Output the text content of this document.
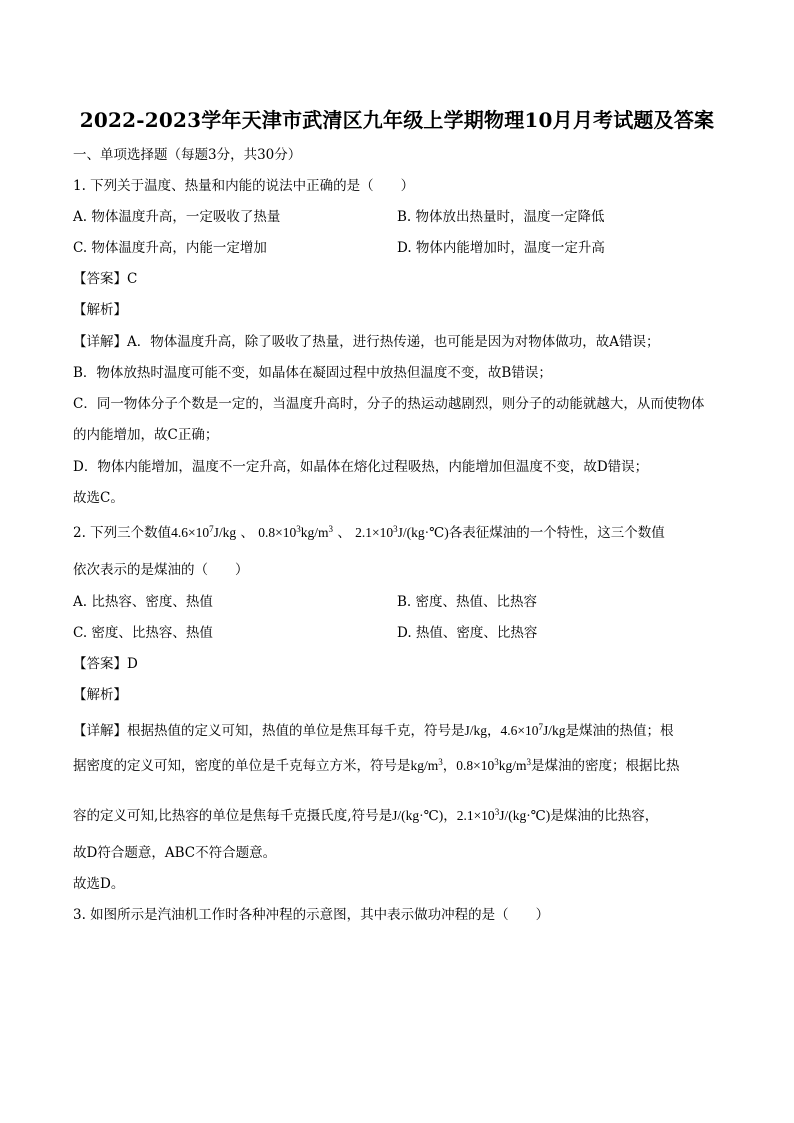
2022-2023学年天津市武清区九年级上学期物理10月月考试题及答案
一、单项选择题（每题3分，共30分）
1. 下列关于温度、热量和内能的说法中正确的是（　　）
A. 物体温度升高，一定吸收了热量	B. 物体放出热量时，温度一定降低
C. 物体温度升高，内能一定增加	D. 物体内能增加时，温度一定升高
【答案】C
【解析】
【详解】A．物体温度升高，除了吸收了热量，进行热传递，也可能是因为对物体做功，故A错误；
B．物体放热时温度可能不变，如晶体在凝固过程中放热但温度不变，故B错误；
C．同一物体分子个数是一定的，当温度升高时，分子的热运动越剧烈，则分子的动能就越大，从而使物体
的内能增加，故C正确；
D．物体内能增加，温度不一定升高，如晶体在熔化过程吸热，内能增加但温度不变，故D错误；
故选C。
2. 下列三个数值$4.6\times 10^7J/kg$ 、 $0.8\times 10^3kg/m^3$ 、 $2.1\times 10^3J/(kg\cdot℃)$各表征煤油的一个特性，这三个数值
依次表示的是煤油的（　　）
A. 比热容、密度、热值	B. 密度、热值、比热容
C. 密度、比热容、热值	D. 热值、密度、比热容
【答案】D
【解析】
【详解】根据热值的定义可知，热值的单位是焦耳每千克，符号是J/kg，$4.6\times 10^7J/kg$是煤油的热值；根
据密度的定义可知，密度的单位是千克每立方米，符号是$kg/m^3$，$0.8\times 10^3kg/m^3$是煤油的密度；根据比热
容的定义可知,比热容的单位是焦每千克摄氏度,符号是J/(kg·℃)，$2.1\times 10^3J/(kg\cdot℃)$是煤油的比热容，
故D符合题意，ABC不符合题意。
故选D。
3. 如图所示是汽油机工作时各种冲程的示意图，其中表示做功冲程的是（　　）
